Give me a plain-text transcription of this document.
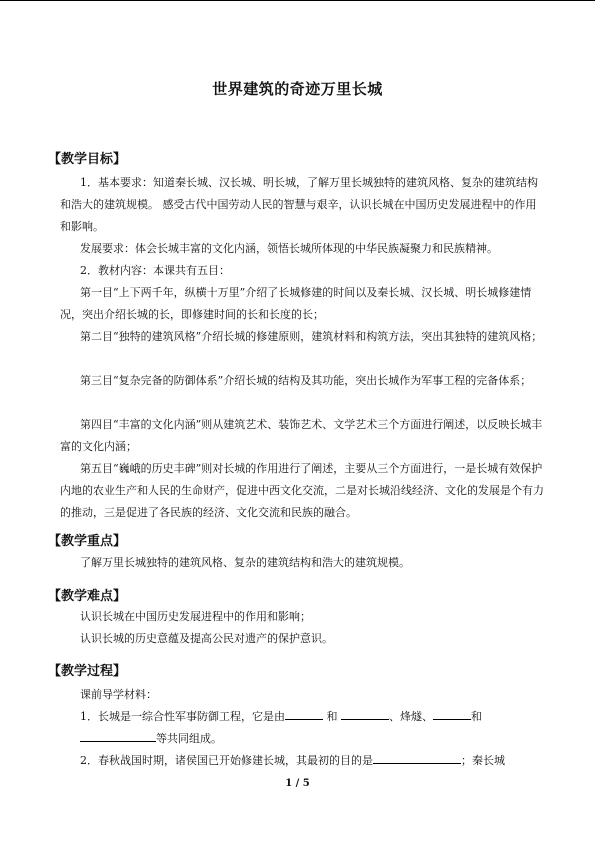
世界建筑的奇迹万里长城
【教学目标】

1．基本要求：知道秦长城、汉长城、明长城，了解万里长城独特的建筑风格、复杂的建筑结构和浩大的建筑规模。 感受古代中国劳动人民的智慧与艰辛，认识长城在中国历史发展进程中的作用和影响。

发展要求：体会长城丰富的文化内涵，领悟长城所体现的中华民族凝聚力和民族精神。

2．教材内容：本课共有五目：

第一目“上下两千年，纵横十万里”介绍了长城修建的时间以及秦长城、汉长城、明长城修建情况，突出介绍长城的长，即修建时间的长和长度的长；

第二目“独特的建筑风格”介绍长城的修建原则，建筑材料和构筑方法，突出其独特的建筑风格；

第三目“复杂完备的防御体系”介绍长城的结构及其功能，突出长城作为军事工程的完备体系；

第四目“丰富的文化内涵”则从建筑艺术、装饰艺术、文学艺术三个方面进行阐述，以反映长城丰富的文化内涵；

第五目“巍峨的历史丰碑”则对长城的作用进行了阐述，主要从三个方面进行，一是长城有效保护内地的农业生产和人民的生命财产，促进中西文化交流，二是对长城沿线经济、文化的发展是个有力的推动，三是促进了各民族的经济、文化交流和民族的融合。

【教学重点】

了解万里长城独特的建筑风格、复杂的建筑结构和浩大的建筑规模。

【教学难点】

认识长城在中国历史发展进程中的作用和影响；

认识长城的历史意蕴及提高公民对遗产的保护意识。

【教学过程】

课前导学材料：

1．长城是一综合性军事防御工程，它是由	和	、烽燧、	和
等共同组成。
2．春秋战国时期，诸侯国已开始修建长城，其最初的目的是	；秦长城
1 / 5
